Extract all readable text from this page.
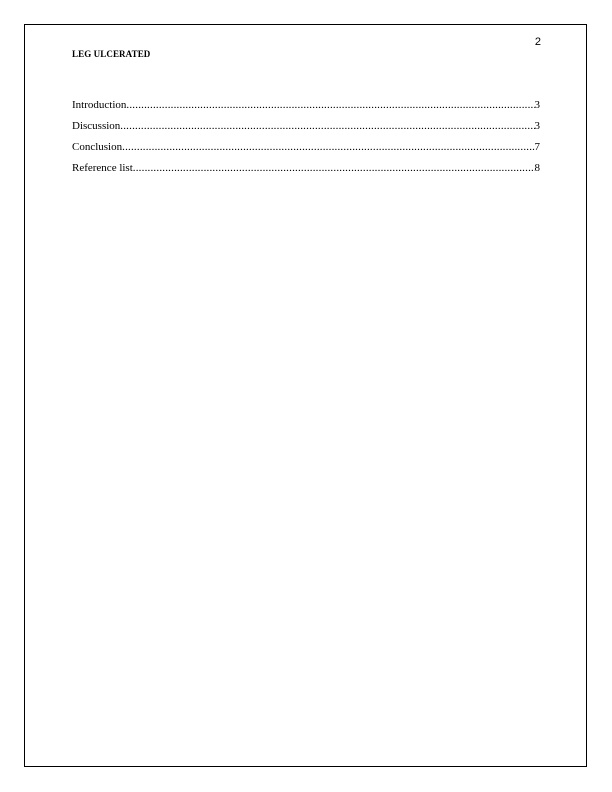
2
LEG ULCERATED
Introduction .....	3
Discussion .....	3
Conclusion .....	7
Reference list .....	8
